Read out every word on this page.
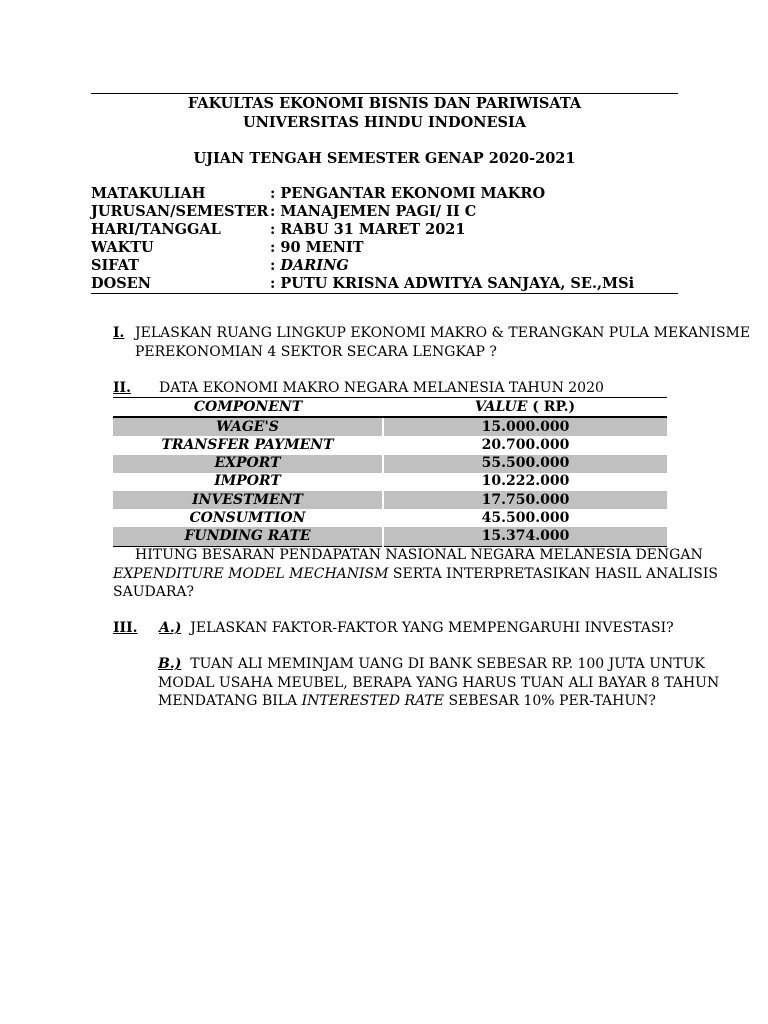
FAKULTAS EKONOMI BISNIS DAN PARIWISATA
UNIVERSITAS HINDU INDONESIA
UJIAN TENGAH SEMESTER GENAP 2020-2021
MATAKULIAH	: PENGANTAR EKONOMI MAKRO
JURUSAN/SEMESTER : MANAJEMEN PAGI/ II C
HARI/TANGGAL	: RABU 31 MARET 2021
WAKTU	: 90 MENIT
SIFAT	: DARING
DOSEN	: PUTU KRISNA ADWITYA SANJAYA, SE.,MSi
I. JELASKAN RUANG LINGKUP EKONOMI MAKRO & TERANGKAN PULA MEKANISME
PEREKONOMIAN 4 SEKTOR SECARA LENGKAP ?
II. DATA EKONOMI MAKRO NEGARA MELANESIA TAHUN 2020
COMPONENT	VALUE ( RP.)
WAGE'S	15.000.000
TRANSFER PAYMENT	20.700.000
EXPORT	55.500.000
IMPORT	10.222.000
INVESTMENT	17.750.000
CONSUMTION	45.500.000
FUNDING RATE	15.374.000
HITUNG BESARAN PENDAPATAN NASIONAL NEGARA MELANESIA DENGAN
EXPENDITURE MODEL MECHANISM SERTA INTERPRETASIKAN HASIL ANALISIS
SAUDARA?
III. A.) JELASKAN FAKTOR-FAKTOR YANG MEMPENGARUHI INVESTASI?
B.) TUAN ALI MEMINJAM UANG DI BANK SEBESAR RP. 100 JUTA UNTUK
MODAL USAHA MEUBEL, BERAPA YANG HARUS TUAN ALI BAYAR 8 TAHUN
MENDATANG BILA INTERESTED RATE SEBESAR 10% PER-TAHUN?
